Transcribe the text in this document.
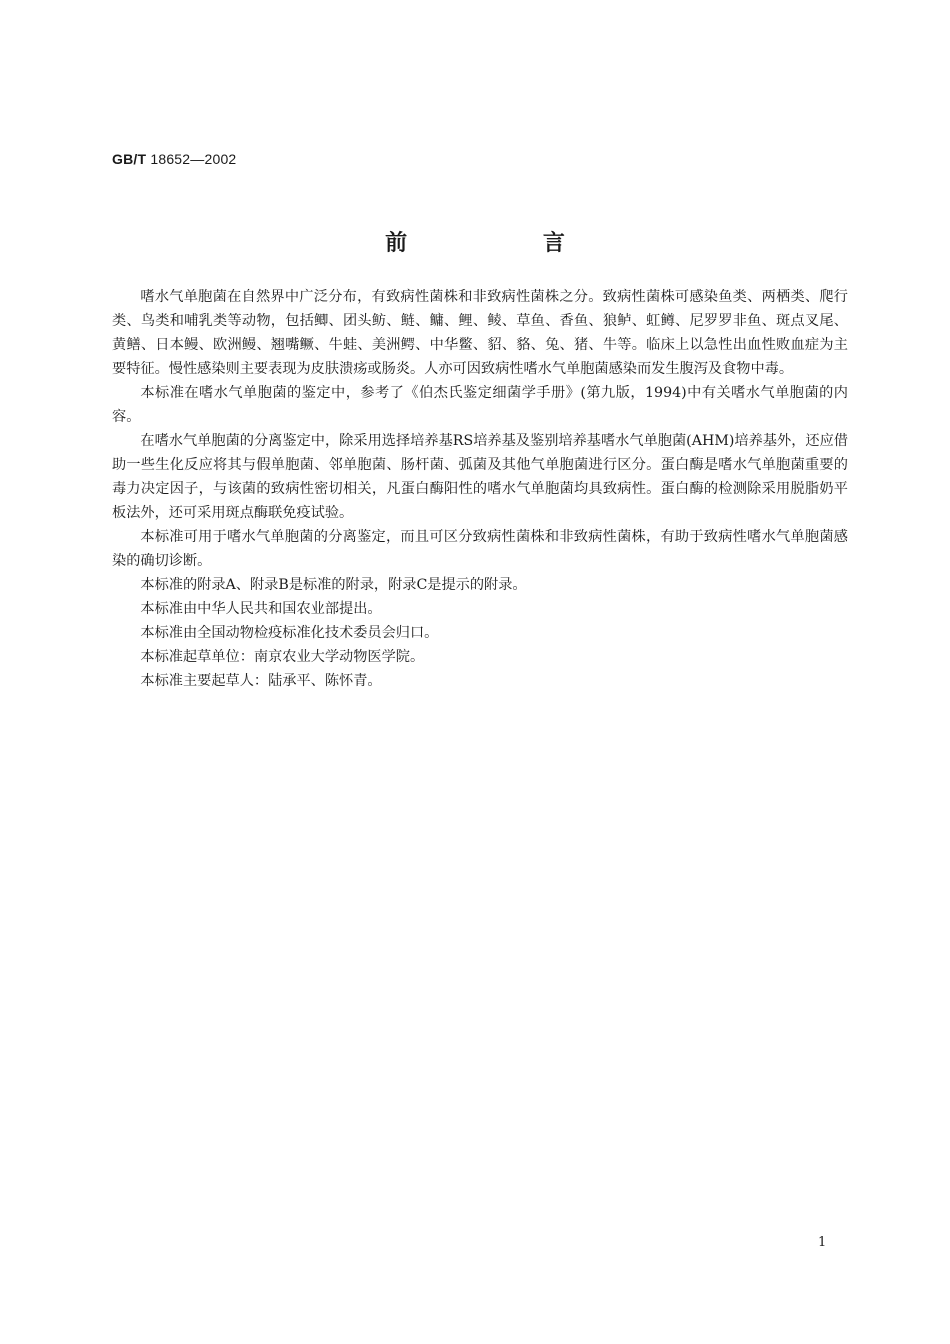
GB/T 18652—2002
前 言

嗜水气单胞菌在自然界中广泛分布，有致病性菌株和非致病性菌株之分。致病性菌株可感染鱼类、两栖类、爬行类、鸟类和哺乳类等动物，包括鲫、团头鲂、鲢、鳙、鲤、鲮、草鱼、香鱼、狼鲈、虹鳟、尼罗罗非鱼、斑点叉尾、黄鳝、日本鳗、欧洲鳗、翘嘴鳜、牛蛙、美洲鳄、中华鳖、貂、貉、兔、猪、牛等。临床上以急性出血性败血症为主要特征。慢性感染则主要表现为皮肤溃疡或肠炎。人亦可因致病性嗜水气单胞菌感染而发生腹泻及食物中毒。

本标准在嗜水气单胞菌的鉴定中，参考了《伯杰氏鉴定细菌学手册》(第九版，1994)中有关嗜水气单胞菌的内容。

在嗜水气单胞菌的分离鉴定中，除采用选择培养基RS培养基及鉴别培养基嗜水气单胞菌(AHM)培养基外，还应借助一些生化反应将其与假单胞菌、邻单胞菌、肠杆菌、弧菌及其他气单胞菌进行区分。蛋白酶是嗜水气单胞菌重要的毒力决定因子，与该菌的致病性密切相关，凡蛋白酶阳性的嗜水气单胞菌均具致病性。蛋白酶的检测除采用脱脂奶平板法外，还可采用斑点酶联免疫试验。

本标准可用于嗜水气单胞菌的分离鉴定，而且可区分致病性菌株和非致病性菌株，有助于致病性嗜水气单胞菌感染的确切诊断。

本标准的附录A、附录B是标准的附录，附录C是提示的附录。

本标准由中华人民共和国农业部提出。

本标准由全国动物检疫标准化技术委员会归口。

本标准起草单位：南京农业大学动物医学院。

本标准主要起草人：陆承平、陈怀青。

1
